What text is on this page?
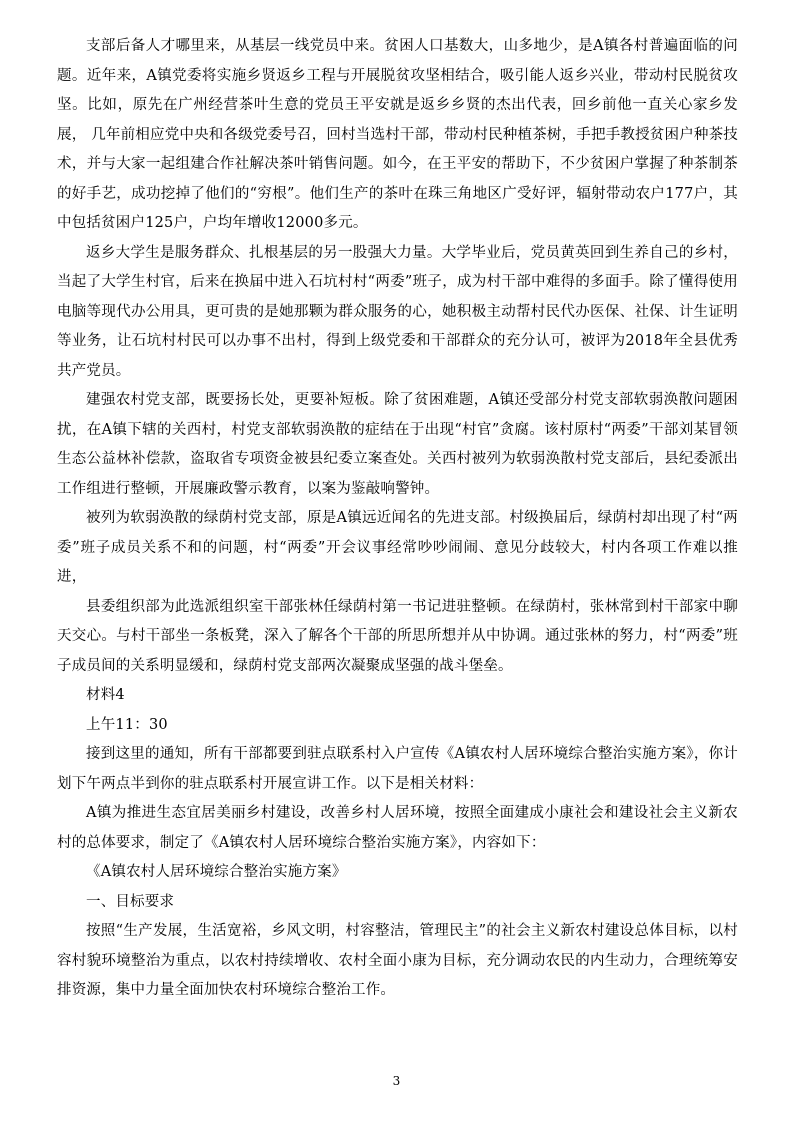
支部后备人才哪里来，从基层一线党员中来。贫困人口基数大，山多地少，是A镇各村普遍面临的问题。近年来，A镇党委将实施乡贤返乡工程与开展脱贫攻坚相结合，吸引能人返乡兴业，带动村民脱贫攻坚。比如，原先在广州经营茶叶生意的党员王平安就是返乡乡贤的杰出代表，回乡前他一直关心家乡发展， 几年前相应党中央和各级党委号召，回村当选村干部，带动村民种植茶树，手把手教授贫困户种茶技术，并与大家一起组建合作社解决茶叶销售问题。如今，在王平安的帮助下，不少贫困户掌握了种茶制茶的好手艺，成功挖掉了他们的“穷根”。他们生产的茶叶在珠三角地区广受好评，辐射带动农户177户，其中包括贫困户125户，户均年增收12000多元。

返乡大学生是服务群众、扎根基层的另一股强大力量。大学毕业后，党员黄英回到生养自己的乡村，当起了大学生村官，后来在换届中进入石坑村村“两委”班子，成为村干部中难得的多面手。除了懂得使用电脑等现代办公用具，更可贵的是她那颗为群众服务的心，她积极主动帮村民代办医保、社保、计生证明等业务，让石坑村村民可以办事不出村，得到上级党委和干部群众的充分认可，被评为2018年全县优秀共产党员。

建强农村党支部，既要扬长处，更要补短板。除了贫困难题，A镇还受部分村党支部软弱涣散问题困扰，在A镇下辖的关西村，村党支部软弱涣散的症结在于出现“村官”贪腐。该村原村“两委”干部刘某冒领生态公益林补偿款，盗取省专项资金被县纪委立案查处。关西村被列为软弱涣散村党支部后，县纪委派出工作组进行整顿，开展廉政警示教育，以案为鉴敲响警钟。

被列为软弱涣散的绿荫村党支部，原是A镇远近闻名的先进支部。村级换届后，绿荫村却出现了村“两委”班子成员关系不和的问题，村“两委”开会议事经常吵吵闹闹、意见分歧较大，村内各项工作难以推进，

县委组织部为此选派组织室干部张林任绿荫村第一书记进驻整顿。在绿荫村，张林常到村干部家中聊天交心。与村干部坐一条板凳，深入了解各个干部的所思所想并从中协调。通过张林的努力，村“两委”班子成员间的关系明显缓和，绿荫村党支部两次凝聚成坚强的战斗堡垒。

材料4

上午11：30

接到这里的通知，所有干部都要到驻点联系村入户宣传《A镇农村人居环境综合整治实施方案》，你计划下午两点半到你的驻点联系村开展宣讲工作。以下是相关材料：

A镇为推进生态宜居美丽乡村建设，改善乡村人居环境，按照全面建成小康社会和建设社会主义新农村的总体要求，制定了《A镇农村人居环境综合整治实施方案》，内容如下：

《A镇农村人居环境综合整治实施方案》

一、目标要求

按照“生产发展，生活宽裕，乡风文明，村容整洁，管理民主”的社会主义新农村建设总体目标，以村容村貌环境整治为重点，以农村持续增收、农村全面小康为目标，充分调动农民的内生动力，合理统筹安排资源，集中力量全面加快农村环境综合整治工作。

3
